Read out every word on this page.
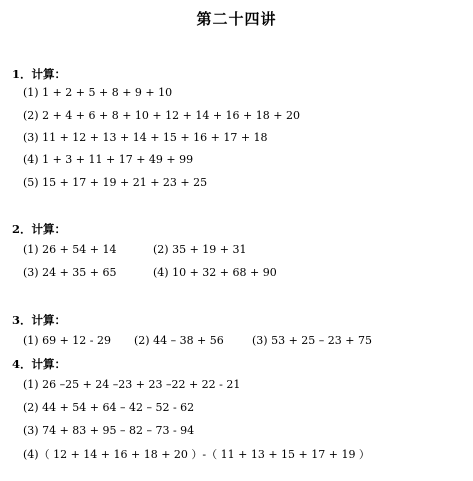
第二十四讲
1．计算：
(1) 1 + 2 + 5 + 8 + 9 + 10
(2) 2 + 4 + 6 + 8 + 10 + 12 + 14 + 16 + 18 + 20
(3) 11 + 12 + 13 + 14 + 15 + 16 + 17 + 18
(4) 1 + 3 + 11 + 17 + 49 + 99
(5) 15 + 17 + 19 + 21 + 23 + 25
2．计算：
(1) 26 + 54 + 14	(2) 35 + 19 + 31
(3) 24 + 35 + 65	(4) 10 + 32 + 68 + 90
3．计算：
(1) 69 + 12 - 29 (2) 44 – 38 + 56	(3) 53 + 25 – 23 + 75
4．计算：
(1) 26 –25 + 24 –23 + 23 –22 + 22 - 21
(2) 44 + 54 + 64 – 42 – 52 - 62
(3) 74 + 83 + 95 – 82 – 73 - 94
(4)（ 12 + 14 + 16 + 18 + 20 ）-（ 11 + 13 + 15 + 17 + 19 ）
